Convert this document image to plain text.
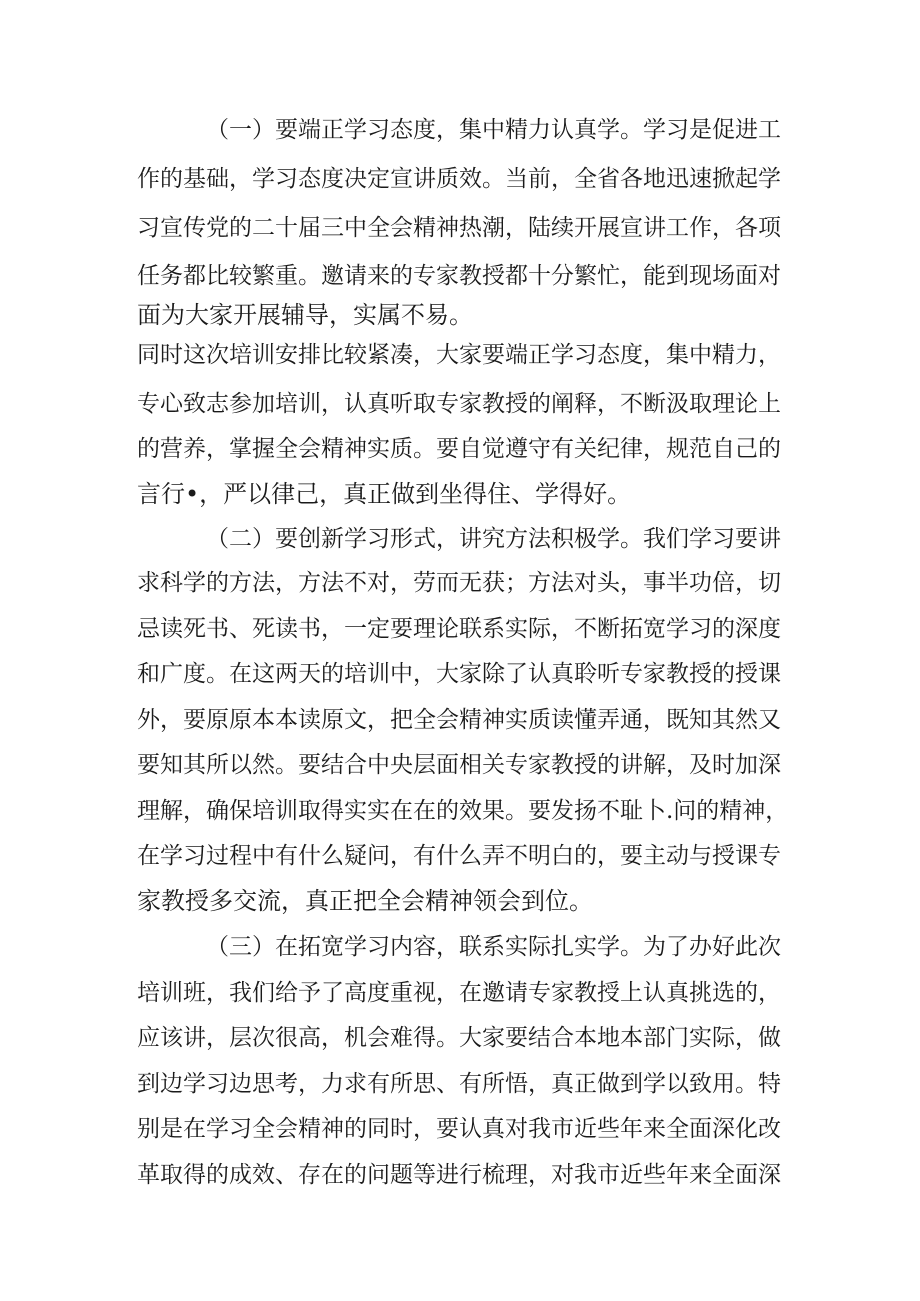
（一）要端正学习态度，集中精力认真学。学习是促进工

作的基础，学习态度决定宣讲质效。当前，全省各地迅速掀起学

习宣传党的二十届三中全会精神热潮，陆续开展宣讲工作，各项

任务都比较繁重。邀请来的专家教授都十分繁忙，能到现场面对

面为大家开展辅导，实属不易。

同时这次培训安排比较紧凑，大家要端正学习态度，集中精力，

专心致志参加培训，认真听取专家教授的阐释，不断汲取理论上

的营养，掌握全会精神实质。要自觉遵守有关纪律，规范自己的

言行•，严以律己，真正做到坐得住、学得好。

（二）要创新学习形式，讲究方法积极学。我们学习要讲

求科学的方法，方法不对，劳而无获；方法对头，事半功倍，切

忌读死书、死读书，一定要理论联系实际，不断拓宽学习的深度

和广度。在这两天的培训中，大家除了认真聆听专家教授的授课

外，要原原本本读原文，把全会精神实质读懂弄通，既知其然又

要知其所以然。要结合中央层面相关专家教授的讲解，及时加深

理解，确保培训取得实实在在的效果。要发扬不耻卜.问的精神，

在学习过程中有什么疑问，有什么弄不明白的，要主动与授课专

家教授多交流，真正把全会精神领会到位。

（三）在拓宽学习内容，联系实际扎实学。为了办好此次

培训班，我们给予了高度重视，在邀请专家教授上认真挑选的，

应该讲，层次很高，机会难得。大家要结合本地本部门实际，做

到边学习边思考，力求有所思、有所悟，真正做到学以致用。特

别是在学习全会精神的同时，要认真对我市近些年来全面深化改

革取得的成效、存在的问题等进行梳理，对我市近些年来全面深
